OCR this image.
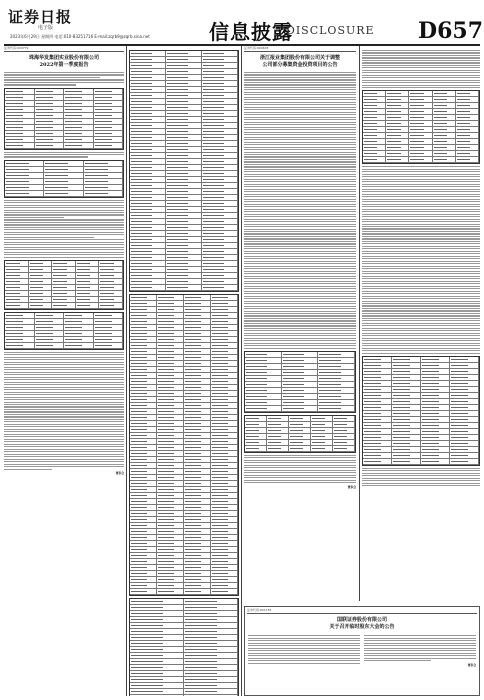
证券日报
电子版
2023年6月29日 星期四 电话:010-83251716 E-mail:zqrb9@zqrb.sina.net	信息披露
DISCLOSURE D657
证券代码:000779
珠海华发集团实业股份有限公司
2022年第一季度报告
董事会
证券代码:600633
浙江报业集团股份有限公司关于调整
公司部分募集资金投资项目的公告
董事会
证券代码:601155
国联证券股份有限公司
关于召开临时股东大会的公告
董事会
